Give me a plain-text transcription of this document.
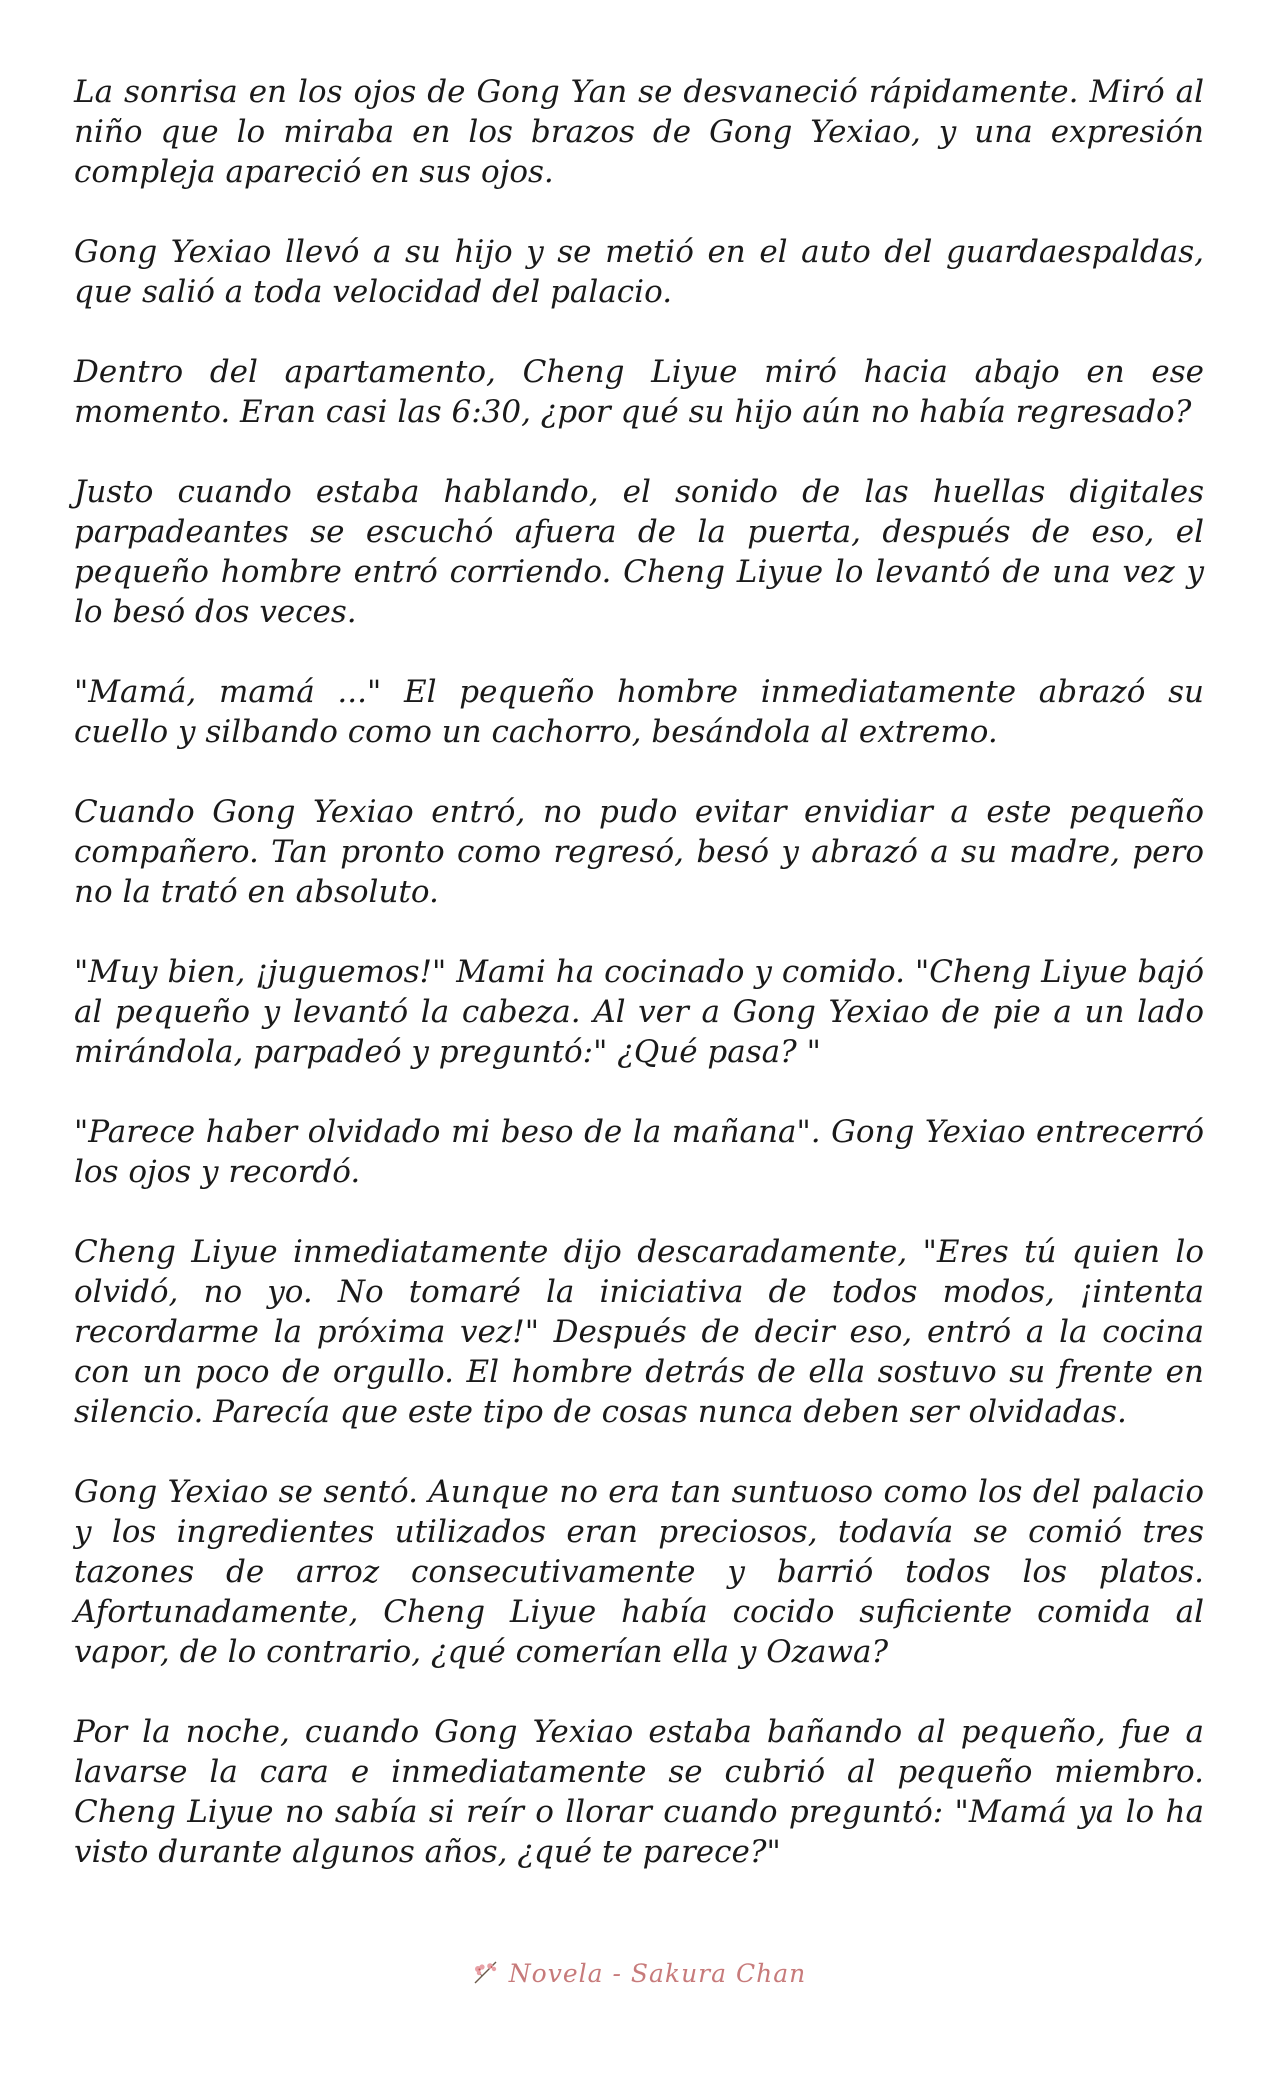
La sonrisa en los ojos de Gong Yan se desvaneció rápidamente. Miró al niño que lo miraba en los brazos de Gong Yexiao, y una expresión compleja apareció en sus ojos.

Gong Yexiao llevó a su hijo y se metió en el auto del guardaespaldas, que salió a toda velocidad del palacio.

Dentro del apartamento, Cheng Liyue miró hacia abajo en ese momento. Eran casi las 6:30, ¿por qué su hijo aún no había regresado?

Justo cuando estaba hablando, el sonido de las huellas digitales parpadeantes se escuchó afuera de la puerta, después de eso, el pequeño hombre entró corriendo. Cheng Liyue lo levantó de una vez y lo besó dos veces.

"Mamá, mamá ..." El pequeño hombre inmediatamente abrazó su cuello y silbando como un cachorro, besándola al extremo.

Cuando Gong Yexiao entró, no pudo evitar envidiar a este pequeño compañero. Tan pronto como regresó, besó y abrazó a su madre, pero no la trató en absoluto.

"Muy bien, ¡juguemos!" Mami ha cocinado y comido. "Cheng Liyue bajó al pequeño y levantó la cabeza. Al ver a Gong Yexiao de pie a un lado mirándola, parpadeó y preguntó:" ¿Qué pasa? "

"Parece haber olvidado mi beso de la mañana". Gong Yexiao entrecerró los ojos y recordó.

Cheng Liyue inmediatamente dijo descaradamente, "Eres tú quien lo olvidó, no yo. No tomaré la iniciativa de todos modos, ¡intenta recordarme la próxima vez!" Después de decir eso, entró a la cocina con un poco de orgullo. El hombre detrás de ella sostuvo su frente en silencio. Parecía que este tipo de cosas nunca deben ser olvidadas.

Gong Yexiao se sentó. Aunque no era tan suntuoso como los del palacio y los ingredientes utilizados eran preciosos, todavía se comió tres tazones de arroz consecutivamente y barrió todos los platos. Afortunadamente, Cheng Liyue había cocido suficiente comida al vapor, de lo contrario, ¿qué comerían ella y Ozawa?

Por la noche, cuando Gong Yexiao estaba bañando al pequeño, fue a lavarse la cara e inmediatamente se cubrió al pequeño miembro. Cheng Liyue no sabía si reír o llorar cuando preguntó: "Mamá ya lo ha visto durante algunos años, ¿qué te parece?"

Novela - Sakura Chan
